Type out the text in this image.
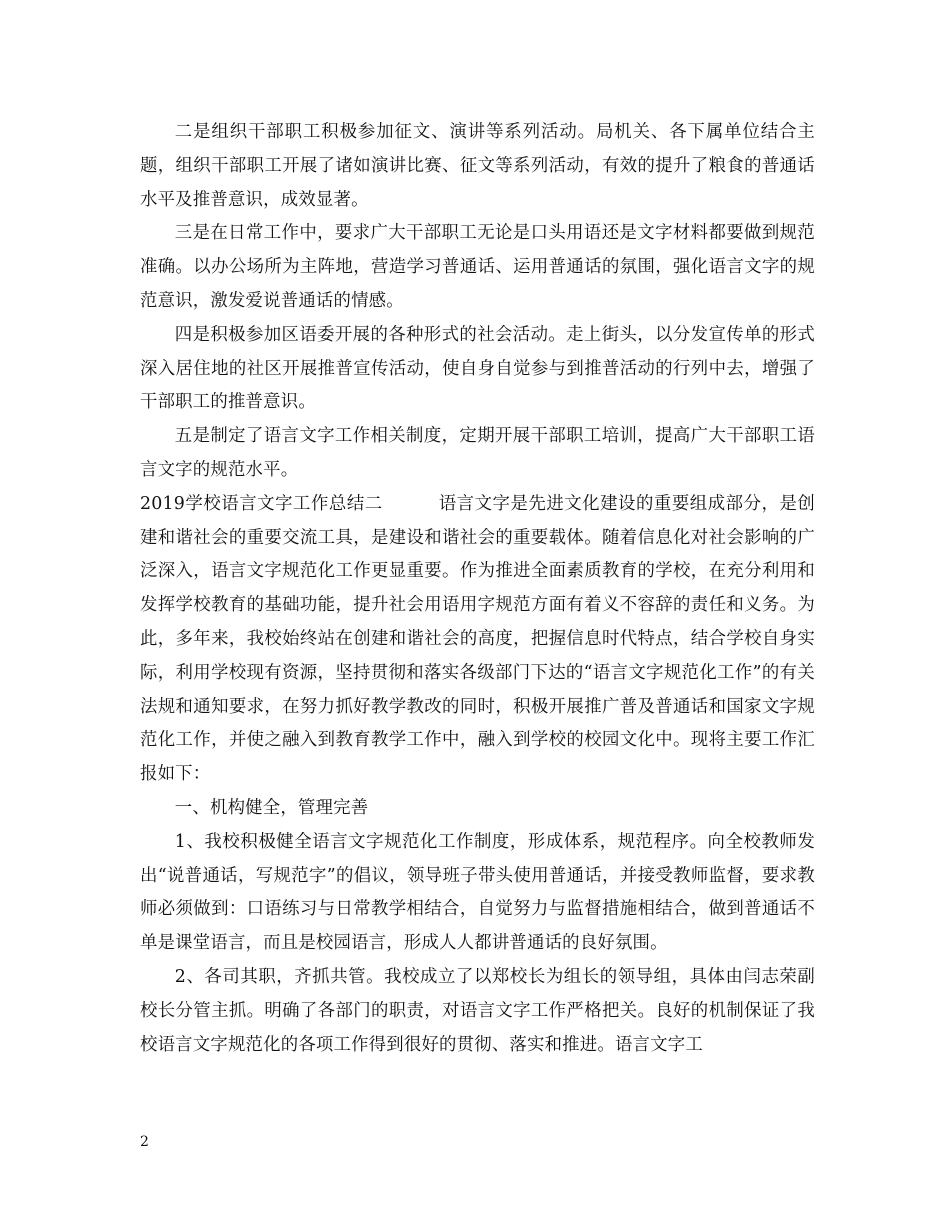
二是组织干部职工积极参加征文、演讲等系列活动。局机关、各下属单位结合主题，组织干部职工开展了诸如演讲比赛、征文等系列活动，有效的提升了粮食的普通话水平及推普意识，成效显著。

三是在日常工作中，要求广大干部职工无论是口头用语还是文字材料都要做到规范准确。以办公场所为主阵地，营造学习普通话、运用普通话的氛围，强化语言文字的规范意识，激发爱说普通话的情感。

四是积极参加区语委开展的各种形式的社会活动。走上街头，以分发宣传单的形式深入居住地的社区开展推普宣传活动，使自身自觉参与到推普活动的行列中去，增强了干部职工的推普意识。

五是制定了语言文字工作相关制度，定期开展干部职工培训，提高广大干部职工语言文字的规范水平。

2019学校语言文字工作总结二	语言文字是先进文化建设的重要组成部分，是创建和谐社会的重要交流工具，是建设和谐社会的重要载体。随着信息化对社会影响的广泛深入，语言文字规范化工作更显重要。作为推进全面素质教育的学校，在充分利用和发挥学校教育的基础功能，提升社会用语用字规范方面有着义不容辞的责任和义务。为此，多年来，我校始终站在创建和谐社会的高度，把握信息时代特点，结合学校自身实际，利用学校现有资源，坚持贯彻和落实各级部门下达的“语言文字规范化工作”的有关法规和通知要求，在努力抓好教学教改的同时，积极开展推广普及普通话和国家文字规范化工作，并使之融入到教育教学工作中，融入到学校的校园文化中。现将主要工作汇报如下：

一、机构健全，管理完善

1、我校积极健全语言文字规范化工作制度，形成体系，规范程序。向全校教师发出“说普通话，写规范字”的倡议，领导班子带头使用普通话，并接受教师监督，要求教师必须做到：口语练习与日常教学相结合，自觉努力与监督措施相结合，做到普通话不单是课堂语言，而且是校园语言，形成人人都讲普通话的良好氛围。

2、各司其职，齐抓共管。我校成立了以郑校长为组长的领导组，具体由闫志荣副校长分管主抓。明确了各部门的职责，对语言文字工作严格把关。良好的机制保证了我校语言文字规范化的各项工作得到很好的贯彻、落实和推进。语言文字工

2
